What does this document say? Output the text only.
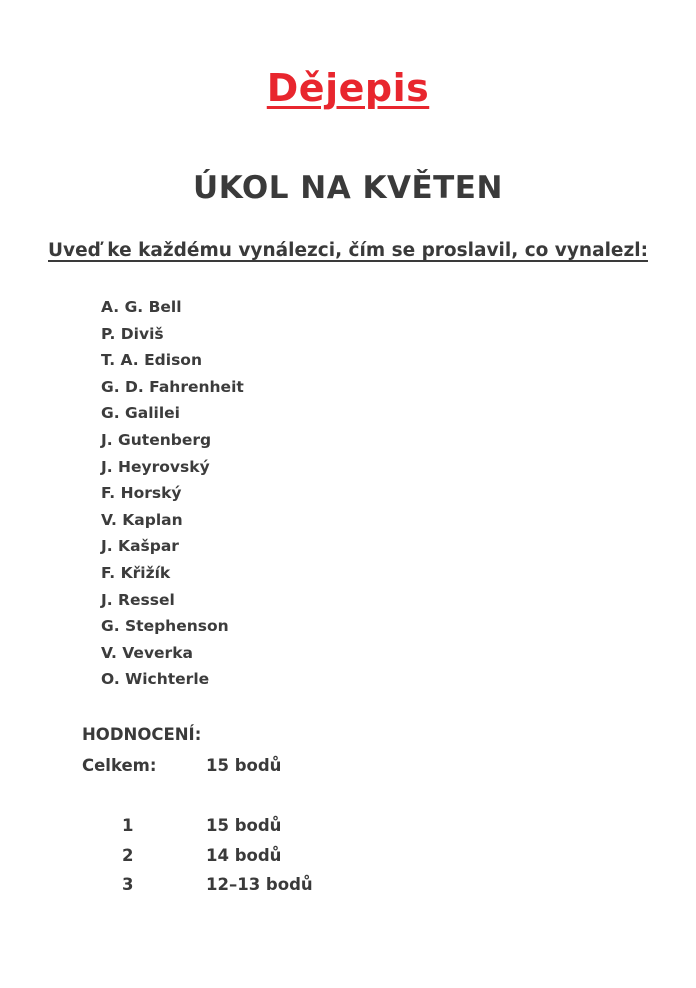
Dějepis
ÚKOL NA KVĚTEN
Uveď ke každému vynálezci, čím se proslavil, co vynalezl:
A. G. Bell
P. Diviš
T. A. Edison
G. D. Fahrenheit
G. Galilei
J. Gutenberg
J. Heyrovský
F. Horský
V. Kaplan
J. Kašpar
F. Křižík
J. Ressel
G. Stephenson
V. Veverka
O. Wichterle
HODNOCENÍ:
Celkem:	15 bodů
1	15 bodů
2	14 bodů
3	12–13 bodů
